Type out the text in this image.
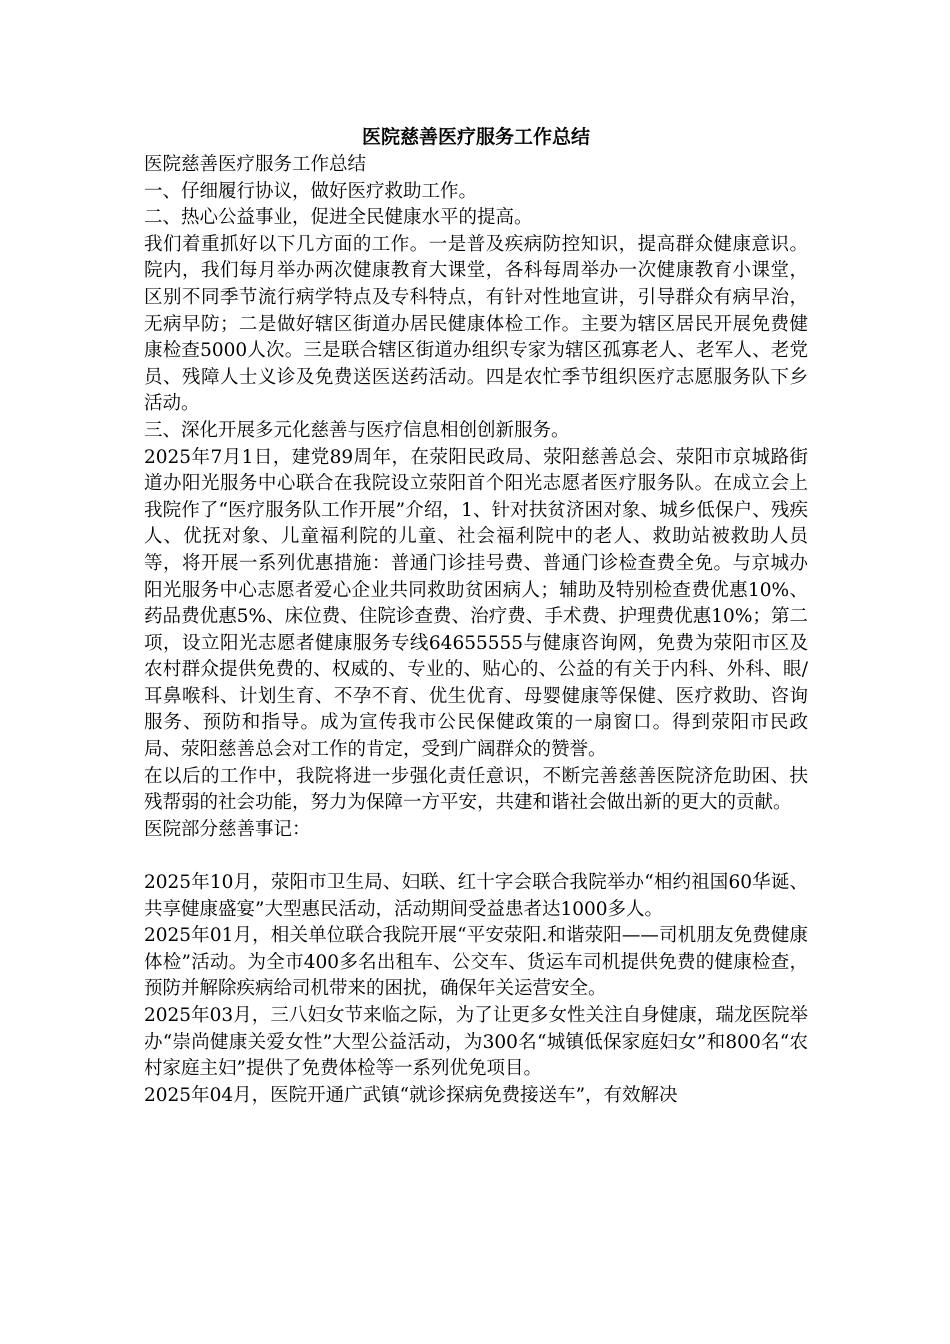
医院慈善医疗服务工作总结

医院慈善医疗服务工作总结

一、仔细履行协议，做好医疗救助工作。

二、热心公益事业，促进全民健康水平的提高。

我们着重抓好以下几方面的工作。一是普及疾病防控知识，提高群众健康意识。院内，我们每月举办两次健康教育大课堂，各科每周举办一次健康教育小课堂，区别不同季节流行病学特点及专科特点，有针对性地宣讲，引导群众有病早治，无病早防；二是做好辖区街道办居民健康体检工作。主要为辖区居民开展免费健康检查5000人次。三是联合辖区街道办组织专家为辖区孤寡老人、老军人、老党员、残障人士义诊及免费送医送药活动。四是农忙季节组织医疗志愿服务队下乡活动。

三、深化开展多元化慈善与医疗信息相创创新服务。

2025年7月1日，建党89周年，在荥阳民政局、荥阳慈善总会、荥阳市京城路街道办阳光服务中心联合在我院设立荥阳首个阳光志愿者医疗服务队。在成立会上我院作了“医疗服务队工作开展”介绍，1、针对扶贫济困对象、城乡低保户、残疾人、优抚对象、儿童福利院的儿童、社会福利院中的老人、救助站被救助人员等，将开展一系列优惠措施：普通门诊挂号费、普通门诊检查费全免。与京城办阳光服务中心志愿者爱心企业共同救助贫困病人；辅助及特别检查费优惠10%、药品费优惠5%、床位费、住院诊查费、治疗费、手术费、护理费优惠10%；第二项，设立阳光志愿者健康服务专线64655555与健康咨询网，免费为荥阳市区及农村群众提供免费的、权威的、专业的、贴心的、公益的有关于内科、外科、眼/耳鼻喉科、计划生育、不孕不育、优生优育、母婴健康等保健、医疗救助、咨询服务、预防和指导。成为宣传我市公民保健政策的一扇窗口。得到荥阳市民政局、荥阳慈善总会对工作的肯定，受到广阔群众的赞誉。

在以后的工作中，我院将进一步强化责任意识，不断完善慈善医院济危助困、扶残帮弱的社会功能，努力为保障一方平安，共建和谐社会做出新的更大的贡献。

医院部分慈善事记：

2025年10月，荥阳市卫生局、妇联、红十字会联合我院举办“相约祖国60华诞、共享健康盛宴”大型惠民活动，活动期间受益患者达1000多人。

2025年01月，相关单位联合我院开展“平安荥阳.和谐荥阳——司机朋友免费健康体检”活动。为全市400多名出租车、公交车、货运车司机提供免费的健康检查，预防并解除疾病给司机带来的困扰，确保年关运营安全。

2025年03月，三八妇女节来临之际，为了让更多女性关注自身健康，瑞龙医院举办“崇尚健康关爱女性”大型公益活动，为300名“城镇低保家庭妇女”和800名“农村家庭主妇”提供了免费体检等一系列优免项目。

2025年04月，医院开通广武镇“就诊探病免费接送车”，有效解决
